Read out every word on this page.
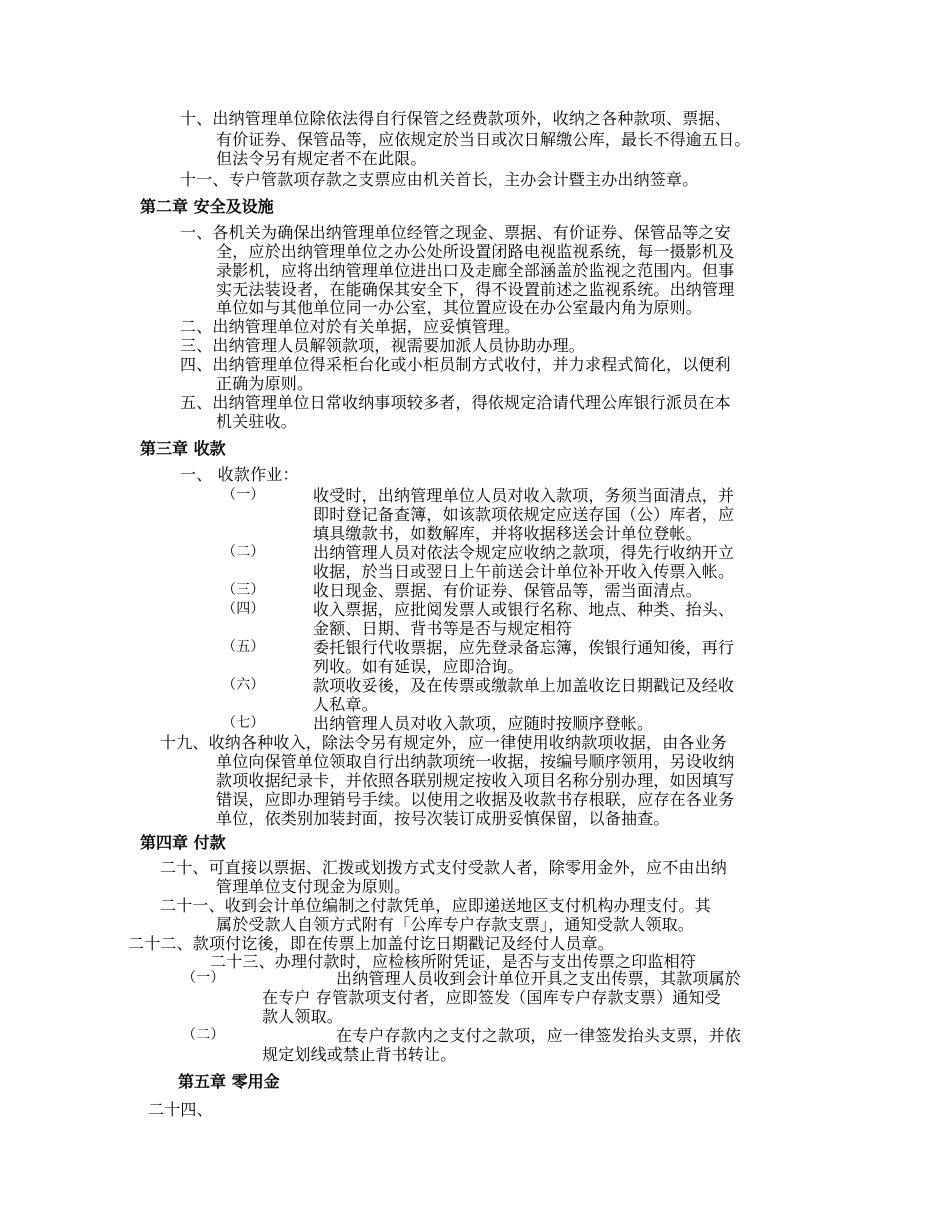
十、出纳管理单位除依法得自行保管之经费款项外，收纳之各种款项、票据、
有价证券、保管品等，应依规定於当日或次日解缴公库，最长不得逾五日。
但法令另有规定者不在此限。
十一、专户管款项存款之支票应由机关首长，主办会计暨主办出纳签章。
第二章 安全及设施
一、各机关为确保出纳管理单位经管之现金、票据、有价证券、保管品等之安
全，应於出纳管理单位之办公处所设置闭路电视监视系统，每一摄影机及
录影机，应将出纳管理单位进出口及走廊全部涵盖於监视之范围内。但事
实无法装设者，在能确保其安全下，得不设置前述之监视系统。出纳管理
单位如与其他单位同一办公室，其位置应设在办公室最内角为原则。
二、出纳管理单位对於有关单据，应妥慎管理。
三、出纳管理人员解领款项，视需要加派人员协助办理。
四、出纳管理单位得采柜台化或小柜员制方式收付，并力求程式简化，以便利
正确为原则。
五、出纳管理单位日常收纳事项较多者，得依规定洽请代理公库银行派员在本
机关驻收。
第三章 收款
一、 收款作业：
（一）	收受时，出纳管理单位人员对收入款项，务须当面清点，并
即时登记备查簿，如该款项依规定应送存国（公）库者，应
填具缴款书，如数解库，并将收据移送会计单位登帐。
（二）	出纳管理人员对依法令规定应收纳之款项，得先行收纳开立
收据，於当日或翌日上午前送会计单位补开收入传票入帐。
（三）	收日现金、票据、有价证券、保管品等，需当面清点。
（四）	收入票据，应批阅发票人或银行名称、地点、种类、抬头、
金额、日期、背书等是否与规定相符
（五）	委托银行代收票据，应先登录备忘簿，俟银行通知後，再行
列收。如有延误，应即洽询。
（六）	款项收妥後，及在传票或缴款单上加盖收讫日期戳记及经收
人私章。
（七）	出纳管理人员对收入款项，应随时按顺序登帐。
十九、收纳各种收入，除法令另有规定外，应一律使用收纳款项收据，由各业务
单位向保管单位领取自行出纳款项统一收据，按编号顺序领用，另设收纳
款项收据纪录卡，并依照各联别规定按收入项目名称分别办理，如因填写
错误，应即办理销号手续。以使用之收据及收款书存根联，应存在各业务
单位，依类别加装封面，按号次装订成册妥慎保留，以备抽查。
第四章 付款
二十、可直接以票据、汇拨或划拨方式支付受款人者，除零用金外，应不由出纳
管理单位支付现金为原则。
二十一、收到会计单位编制之付款凭单，应即递送地区支付机构办理支付。其
属於受款人自领方式附有「公库专户存款支票」，通知受款人领取。
二十二、款项付讫後，即在传票上加盖付讫日期戳记及经付人员章。
二十三、办理付款时，应检核所附凭证，是否与支出传票之印监相符
（一）	出纳管理人员收到会计单位开具之支出传票，其款项属於
在专户 存管款项支付者，应即签发（国库专户存款支票）通知受
款人领取。
（二）	在专户存款内之支付之款项，应一律签发抬头支票，并依
规定划线或禁止背书转让。
第五章 零用金
二十四、
